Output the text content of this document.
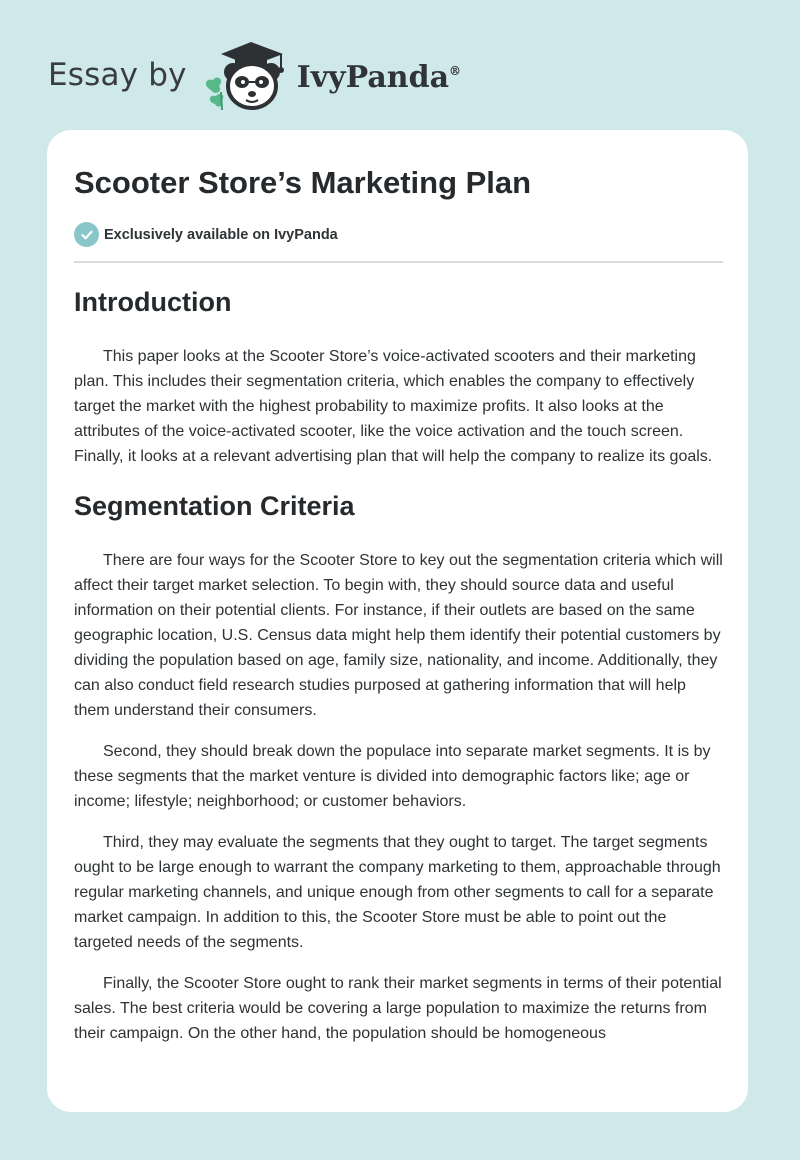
Essay by	IvyPanda®
Scooter Store’s Marketing Plan
Exclusively available on IvyPanda
Introduction

This paper looks at the Scooter Store’s voice-activated scooters and their marketing plan. This includes their segmentation criteria, which enables the company to effectively target the market with the highest probability to maximize profits. It also looks at the attributes of the voice-activated scooter, like the voice activation and the touch screen. Finally, it looks at a relevant advertising plan that will help the company to realize its goals.

Segmentation Criteria

There are four ways for the Scooter Store to key out the segmentation criteria which will affect their target market selection. To begin with, they should source data and useful information on their potential clients. For instance, if their outlets are based on the same geographic location, U.S. Census data might help them identify their potential customers by dividing the population based on age, family size, nationality, and income. Additionally, they can also conduct field research studies purposed at gathering information that will help them understand their consumers.

Second, they should break down the populace into separate market segments. It is by these segments that the market venture is divided into demographic factors like; age or income; lifestyle; neighborhood; or customer behaviors.

Third, they may evaluate the segments that they ought to target. The target segments ought to be large enough to warrant the company marketing to them, approachable through regular marketing channels, and unique enough from other segments to call for a separate market campaign. In addition to this, the Scooter Store must be able to point out the targeted needs of the segments.

Finally, the Scooter Store ought to rank their market segments in terms of their potential sales. The best criteria would be covering a large population to maximize the returns from their campaign. On the other hand, the population should be homogeneous
